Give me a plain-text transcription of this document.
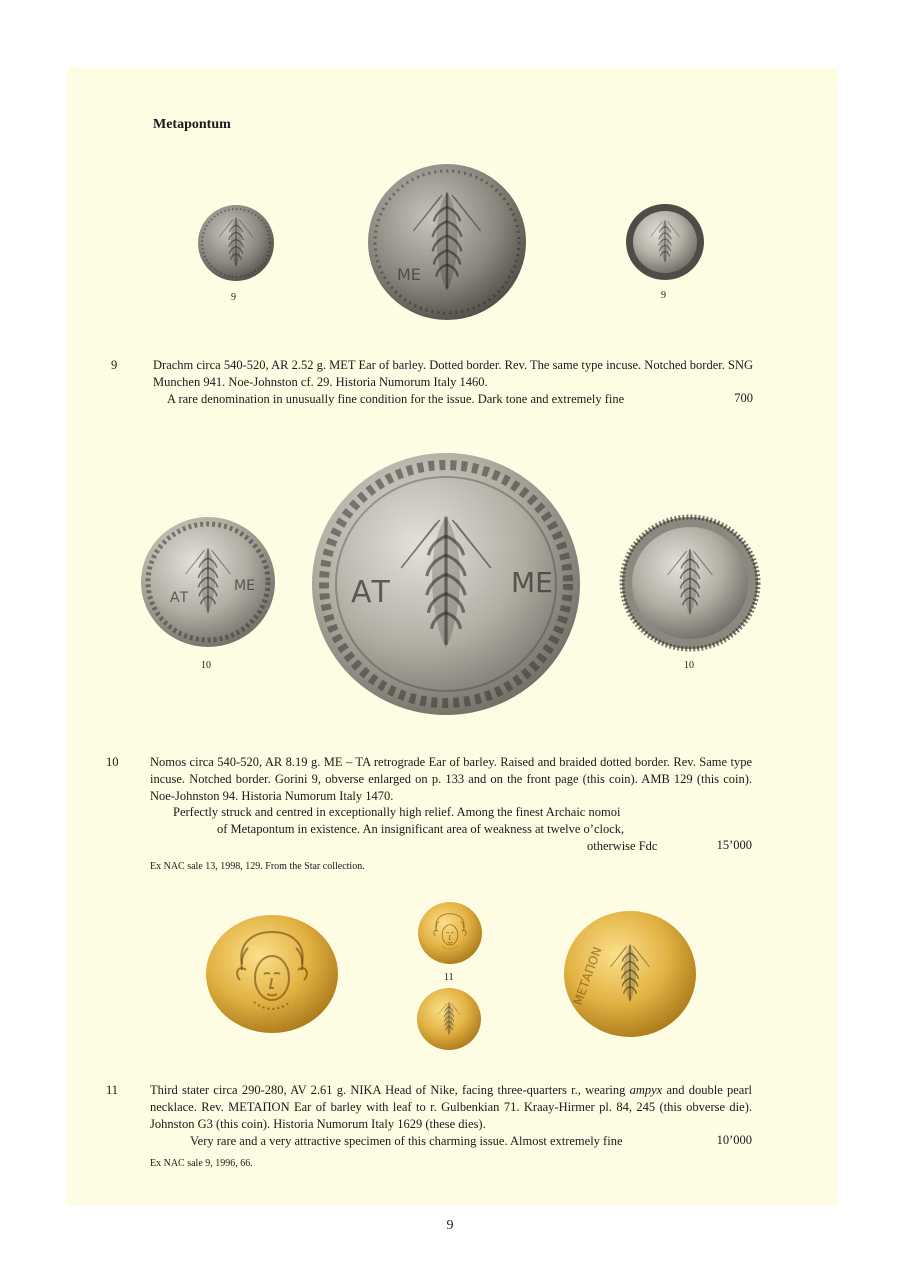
Metapontum
9
ΜΕ
9
9	Drachm circa 540-520, AR 2.52 g. MET Ear of barley. Dotted border. Rev. The same type incuse. Notched border. SNG Munchen 941. Noe-Johnston cf. 29. Historia Numorum Italy 1460.
A rare denomination in unusually fine condition for the issue. Dark tone and extremely fine	700
ΑΤ
ΜΕ
10
ΑΤ	ΜΕ
10
10	Nomos circa 540-520, AR 8.19 g. ME – TA retrograde Ear of barley. Raised and braided dotted border. Rev. Same type incuse. Notched border. Gorini 9, obverse enlarged on p. 133 and on the front page (this coin). AMB 129 (this coin). Noe-Johnston 94. Historia Numorum Italy 1470.
Perfectly struck and centred in exceptionally high relief. Among the finest Archaic nomoi
of Metapontum in existence. An insignificant area of weakness at twelve o’clock,
otherwise Fdc	15’000
Ex NAC sale 13, 1998, 129. From the Star collection.
11	ΜΕΤΑΠΟΝ
11	Third stater circa 290-280, AV 2.61 g. NIKA Head of Nike, facing three-quarters r., wearing ampyx and double pearl necklace. Rev. ΜΕΤΑΠΟΝ Ear of barley with leaf to r. Gulbenkian 71. Kraay-Hirmer pl. 84, 245 (this obverse die). Johnston G3 (this coin). Historia Numorum Italy 1629 (these dies).
Very rare and a very attractive specimen of this charming issue. Almost extremely fine	10’000
Ex NAC sale 9, 1996, 66.
9
